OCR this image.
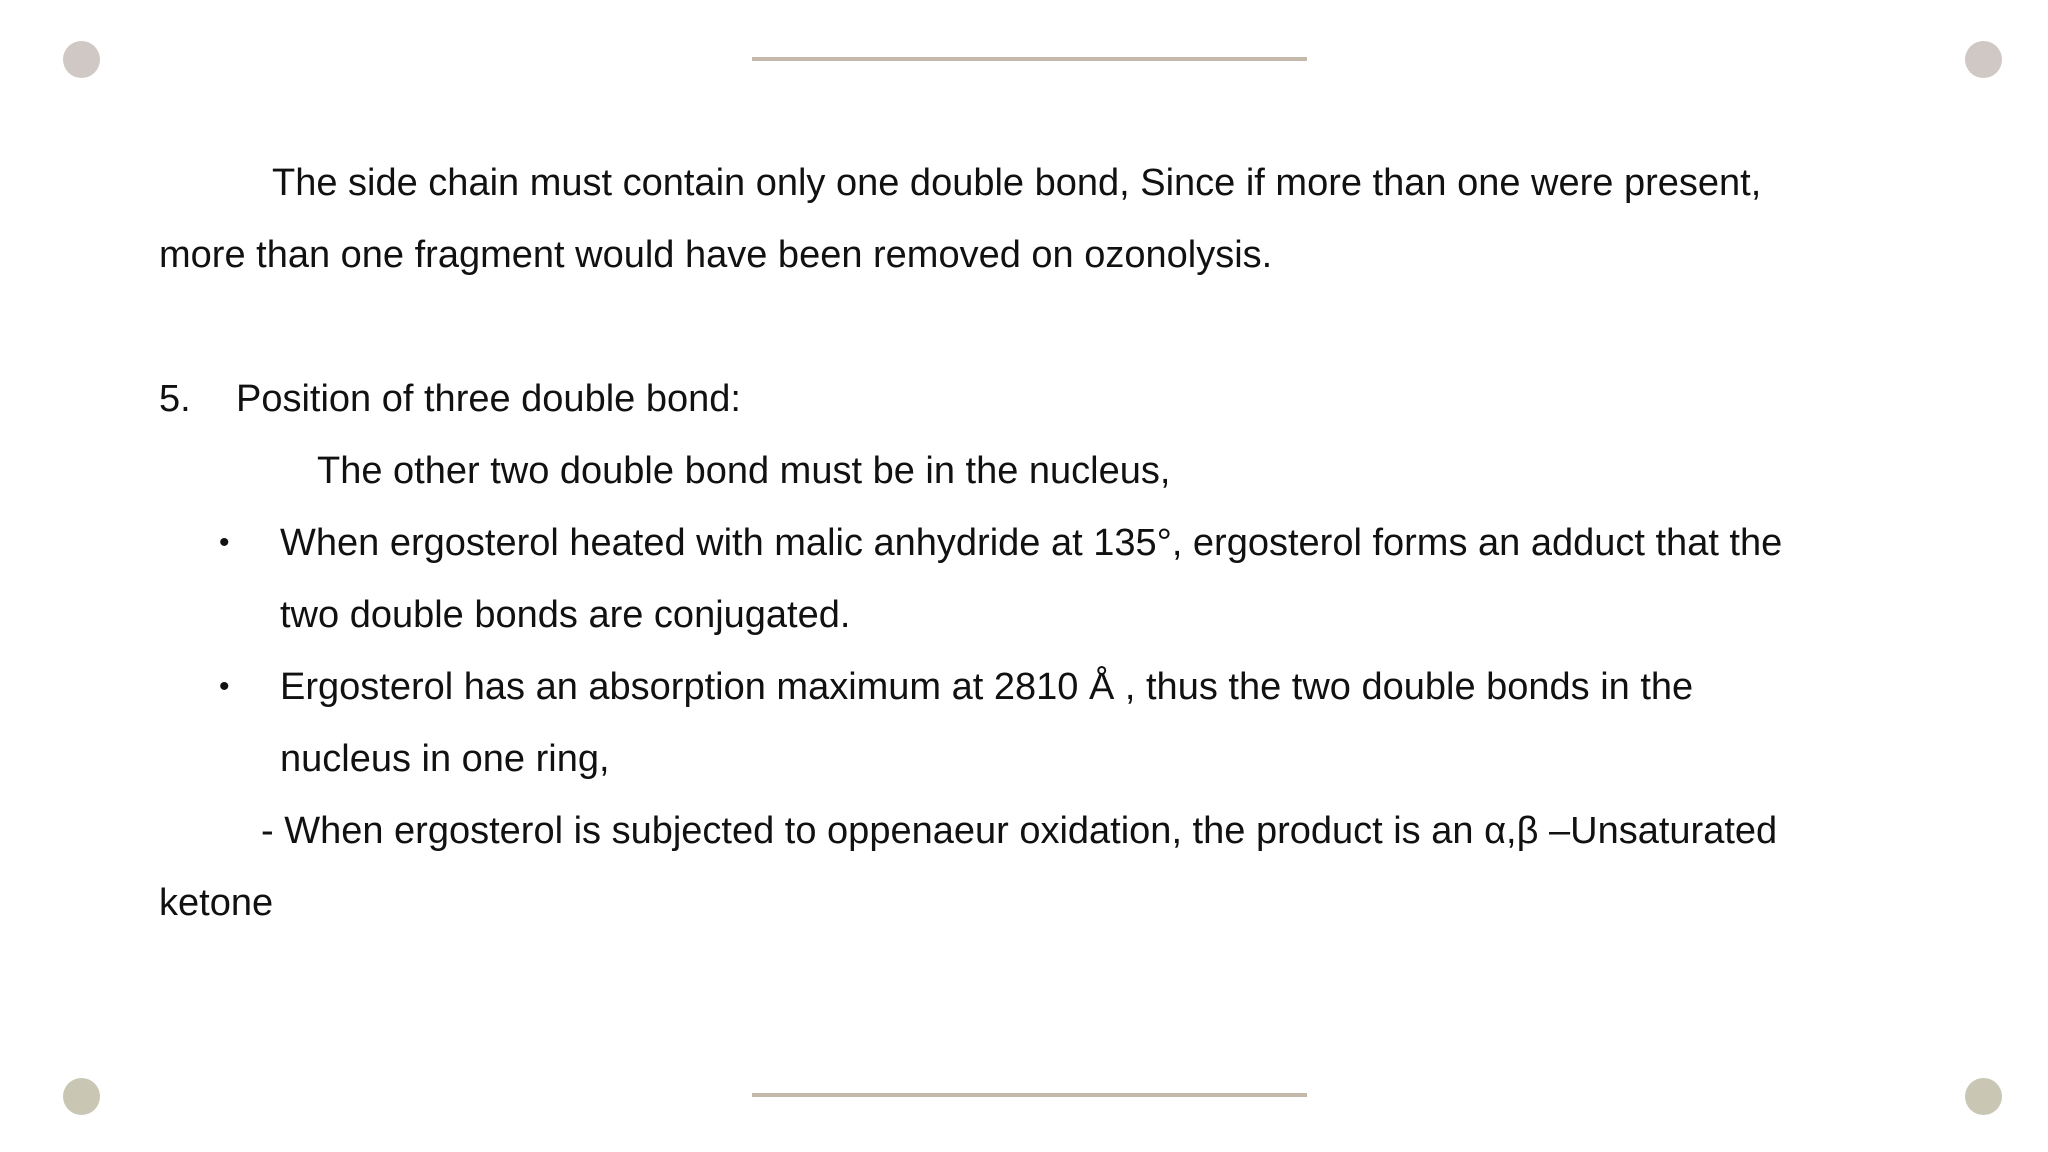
The side chain must contain only one double bond, Since if more than one were present,
more than one fragment would have been removed on ozonolysis.
5. Position of three double bond:
The other two double bond must be in the nucleus,
• When ergosterol heated with malic anhydride at 135°, ergosterol forms an adduct that the
two double bonds are conjugated.
• Ergosterol has an absorption maximum at 2810 Å , thus the two double bonds in the
nucleus in one ring,
- When ergosterol is subjected to oppenaeur oxidation, the product is an α,β –Unsaturated
ketone
